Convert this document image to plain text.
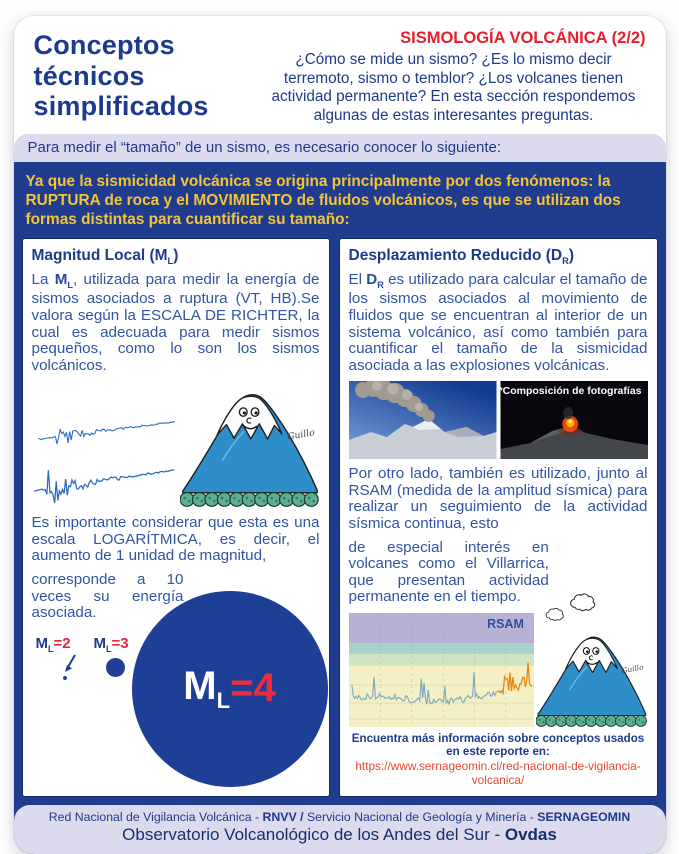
Conceptos técnicos simplificados
SISMOLOGÍA VOLCÁNICA (2/2)

¿Cómo se mide un sismo? ¿Es lo mismo decir terremoto, sismo o temblor? ¿Los volcanes tienen actividad permanente? En esta sección respondemos algunas de estas interesantes preguntas.

Para medir el “tamaño” de un sismo, es necesario conocer lo siguiente:

Ya que la sismicidad volcánica se origina principalmente por dos fenómenos: la RUPTURA de roca y el MOVIMIENTO de fluidos volcánicos, es que se utilizan dos formas distintas para cuantificar su tamaño:

Magnitud Local $(M_L)$

La $M_L$, utilizada para medir la energía de sismos asociados a ruptura (VT, HB).Se valora según la ESCALA DE RICHTER, la cual es adecuada para medir sismos pequeños, como lo son los sismos volcánicos.

Guillo

Es importante considerar que esta es una escala LOGARÍTMICA, es decir, el aumento de 1 unidad de magnitud,

corresponde a 10 veces su energía asociada.

$M_L=2$ $M_L=3$
$M_L =4$
Desplazamiento Reducido $(D_R)$

El $D_R$ es utilizado para calcular el tamaño de los sismos asociados al movimiento de fluidos que se encuentran al interior de un sistema volcánico, así como también para cuantificar el tamaño de la sismicidad asociada a las explosiones volcánicas.

*Composición de fotografías

Por otro lado, también es utilizado, junto al RSAM (medida de la amplitud sísmica) para realizar un seguimiento de la actividad sísmica continua, esto

de especial interés en volcanes como el Villarrica, que presentan actividad permanente en el tiempo.

RSAM
Guillo

Encuentra más información sobre conceptos usados en este reporte en:

https://www.sernageomin.cl/red-nacional-de-vigilancia-volcanica/

Red Nacional de Vigilancia Volcánica - RNVV / Servicio Nacional de Geología y Minería - SERNAGEOMIN

Observatorio Volcanológico de los Andes del Sur - Ovdas
